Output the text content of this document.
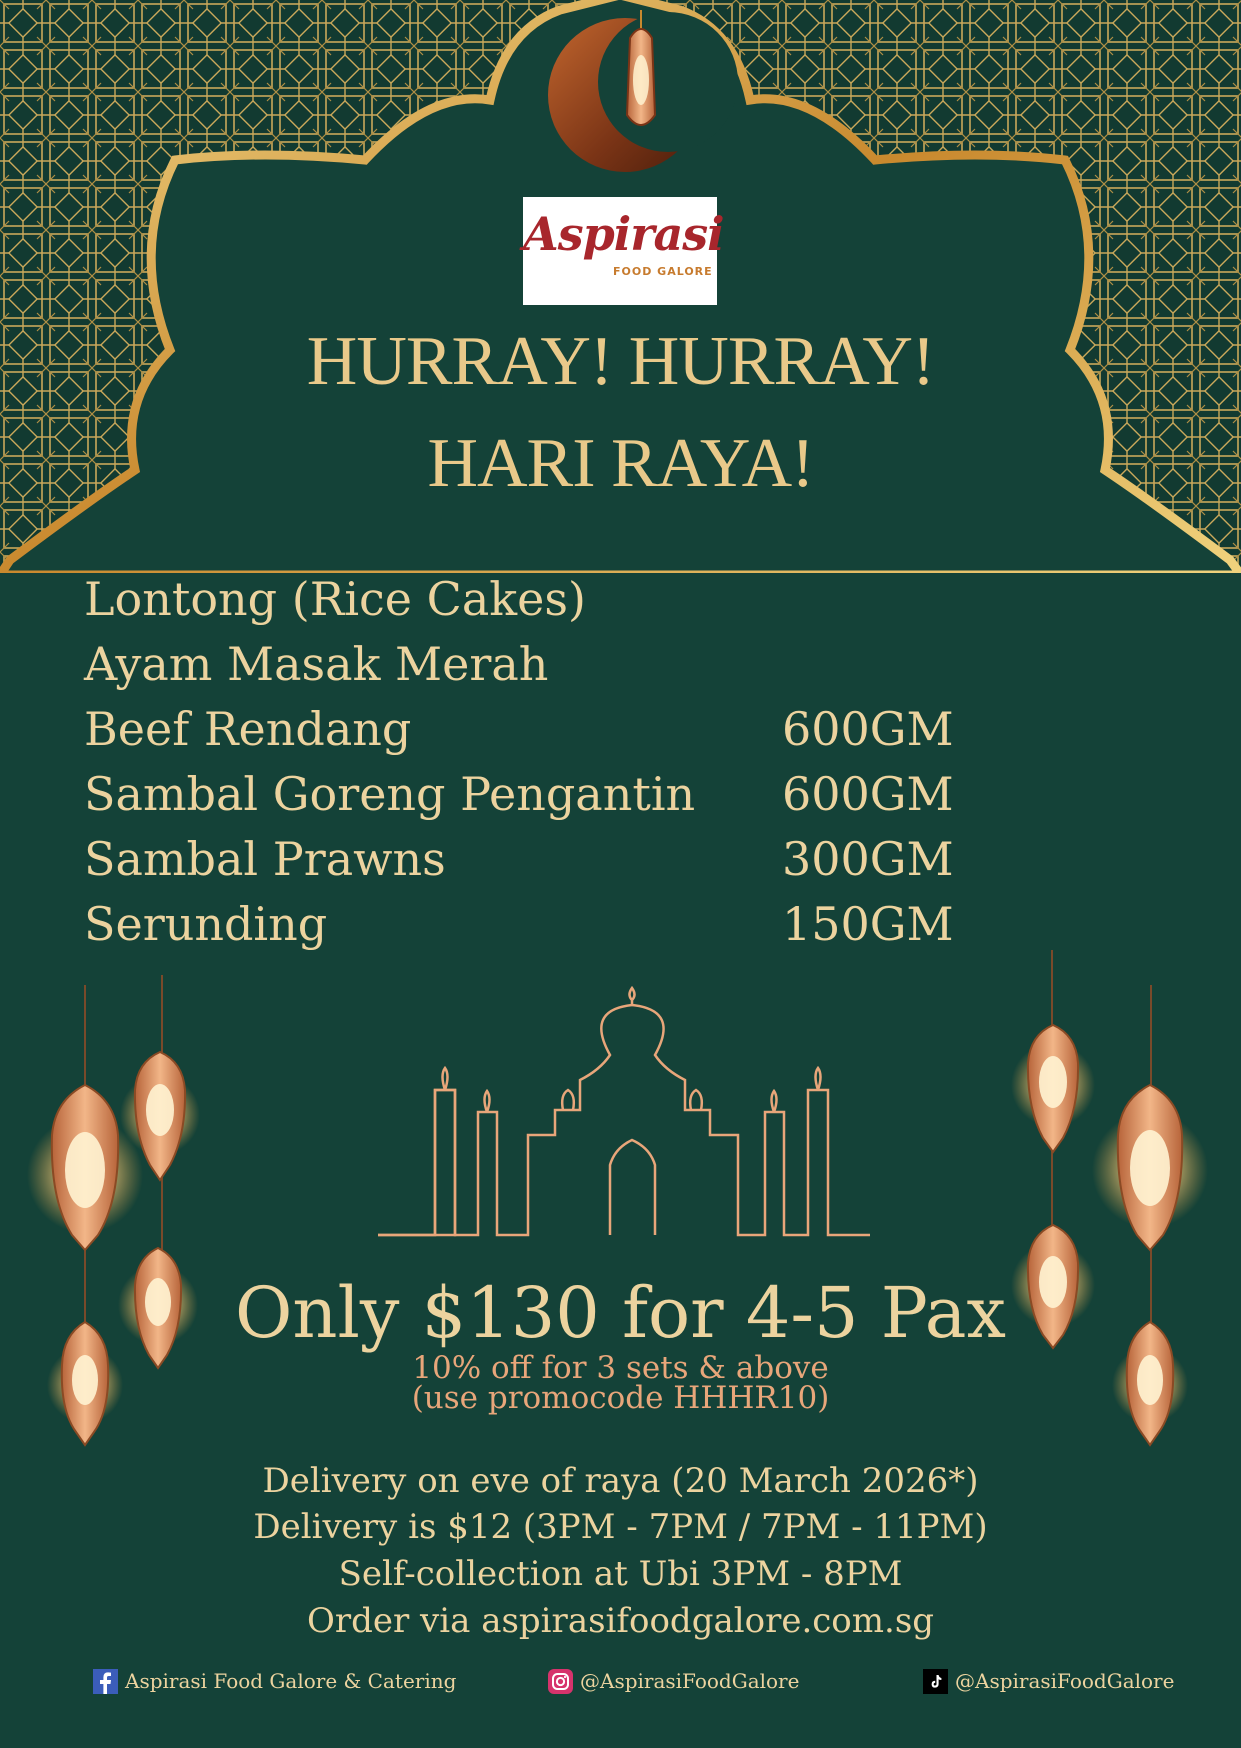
Aspirasi
FOOD GALORE
HURRAY! HURRAY!
HARI RAYA!
Lontong (Rice Cakes)
Ayam Masak Merah
Beef Rendang	600GM
Sambal Goreng Pengantin 600GM
Sambal Prawns	300GM
Serunding	150GM
Only $130 for 4-5 Pax
10% off for 3 sets & above
(use promocode HHHR10)
Delivery on eve of raya (20 March 2026*)
Delivery is $12 (3PM - 7PM / 7PM - 11PM)
Self-collection at Ubi 3PM - 8PM
Order via aspirasifoodgalore.com.sg
Aspirasi Food Galore & Catering	@AspirasiFoodGalore	@AspirasiFoodGalore
